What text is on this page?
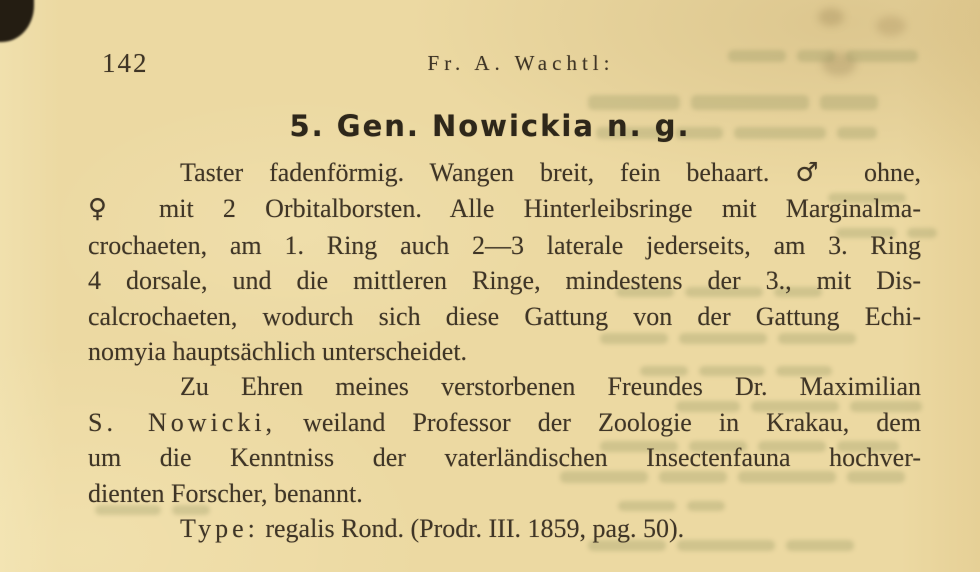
142	Fr. A. Wachtl:
5. Gen. Nowickia n. g.
Taster fadenförmig. Wangen breit, fein behaart. ♂ ohne,
♀ mit 2 Orbitalborsten. Alle Hinterleibsringe mit Marginalma-
crochaeten, am 1. Ring auch 2—3 laterale jederseits, am 3. Ring
4 dorsale, und die mittleren Ringe, mindestens der 3., mit Dis-
calcrochaeten, wodurch sich diese Gattung von der Gattung Echi-
nomyia hauptsächlich unterscheidet.
Zu Ehren meines verstorbenen Freundes Dr. Maximilian
S. Nowicki, weiland Professor der Zoologie in Krakau, dem
um die Kenntniss der vaterländischen Insectenfauna hochver-
dienten Forscher, benannt.
Type: regalis Rond. (Prodr. III. 1859, pag. 50).
